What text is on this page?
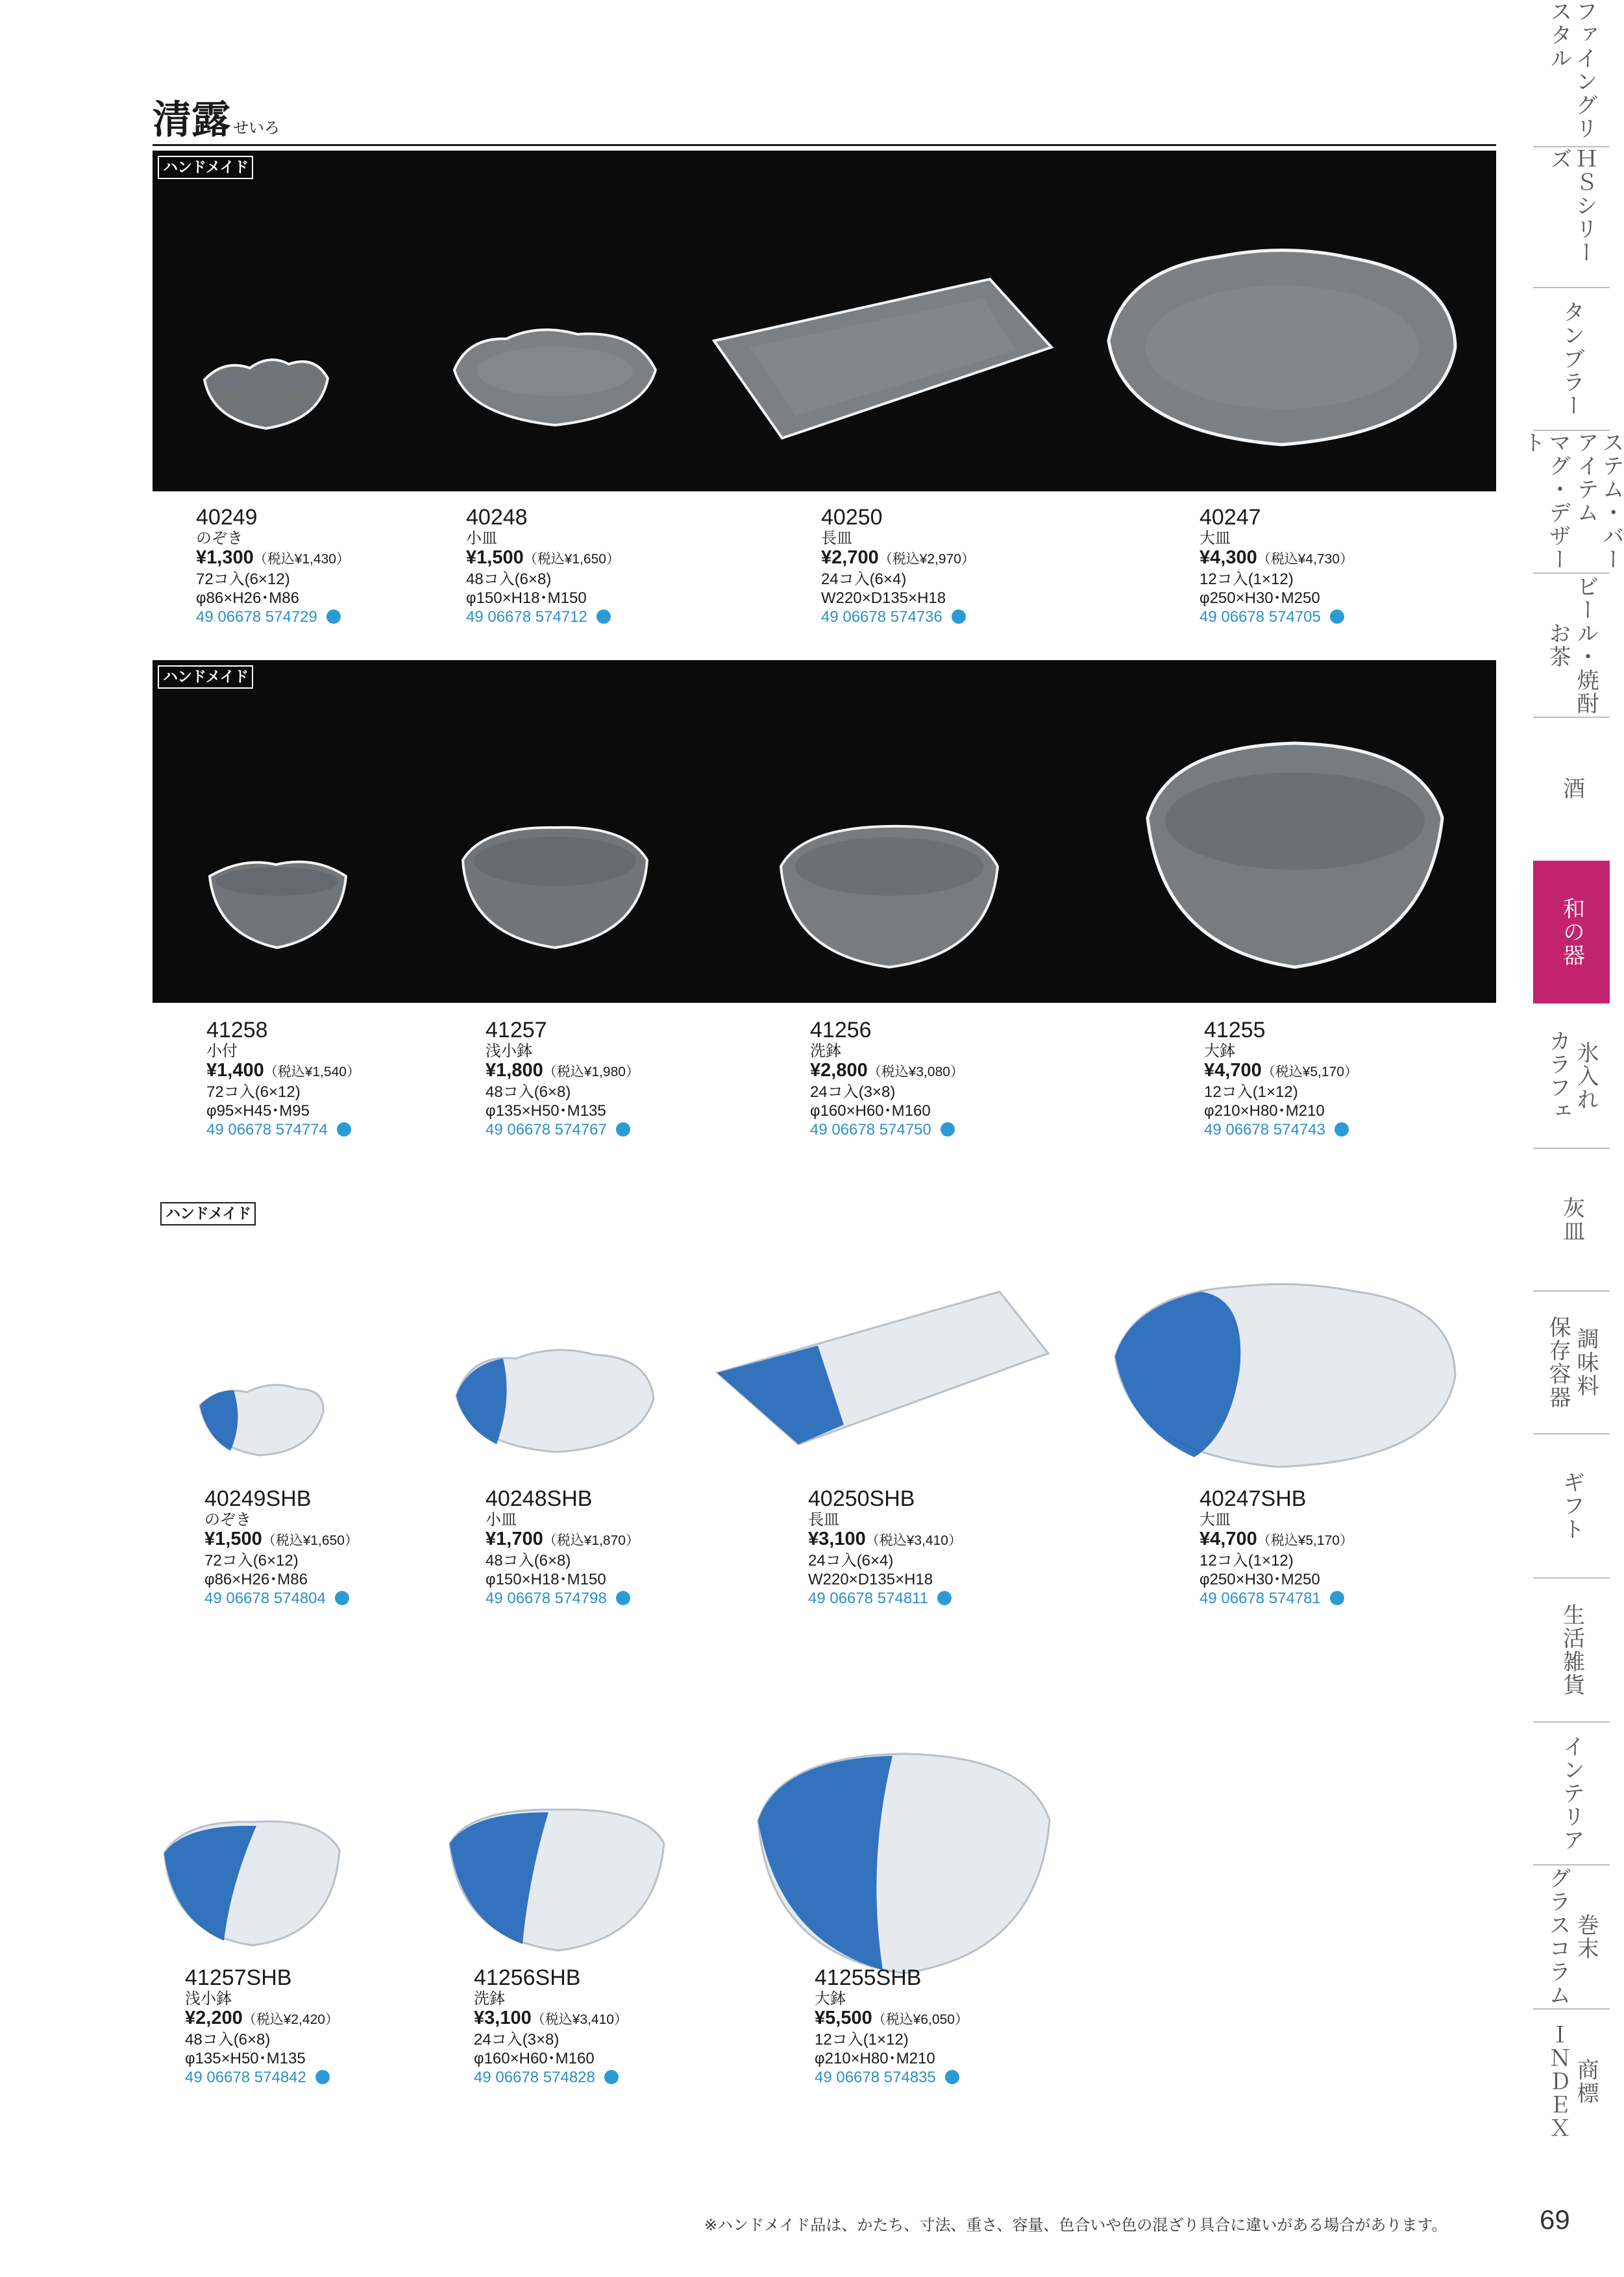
清露 せいろ
ハンドメイド
ハンドメイド
ハンドメイド
40249
のぞき
¥1,300（税込¥1,430）
72コ入(6×12)
φ86×H26･M86
49 06678 574729
40248
小皿
¥1,500（税込¥1,650）
48コ入(6×8)
φ150×H18･M150
49 06678 574712
40250
長皿
¥2,700（税込¥2,970）
24コ入(6×4)
W220×D135×H18
49 06678 574736
40247
大皿
¥4,300（税込¥4,730）
12コ入(1×12)
φ250×H30･M250
49 06678 574705
41258
小付
¥1,400（税込¥1,540）
72コ入(6×12)
φ95×H45･M95
49 06678 574774
41257
浅小鉢
¥1,800（税込¥1,980）
48コ入(6×8)
φ135×H50･M135
49 06678 574767
41256
洗鉢
¥2,800（税込¥3,080）
24コ入(3×8)
φ160×H60･M160
49 06678 574750
41255
大鉢
¥4,700（税込¥5,170）
12コ入(1×12)
φ210×H80･M210
49 06678 574743
40249SHB
のぞき
¥1,500（税込¥1,650）
72コ入(6×12)
φ86×H26･M86
49 06678 574804
40248SHB
小皿
¥1,700（税込¥1,870）
48コ入(6×8)
φ150×H18･M150
49 06678 574798
40250SHB
長皿
¥3,100（税込¥3,410）
24コ入(6×4)
W220×D135×H18
49 06678 574811
40247SHB
大皿
¥4,700（税込¥5,170）
12コ入(1×12)
φ250×H30･M250
49 06678 574781
41257SHB
浅小鉢
¥2,200（税込¥2,420）
48コ入(6×8)
φ135×H50･M135
49 06678 574842
41256SHB
洗鉢
¥3,100（税込¥3,410）
24コ入(3×8)
φ160×H60･M160
49 06678 574828
41255SHB
大鉢
¥5,500（税込¥6,050）
12コ入(1×12)
φ210×H80･M210
49 06678 574835
ファイングリスタル
ＨＳシリーズ
タンブラー
ステム・バーアイテム
マグ・デザート
ビール・焼酎
お茶
酒
和の器
氷入れ
カラフェ
灰皿
調味料
保存容器
ギフト
生活雑貨
インテリア
巻末
グラスコラム
商標
ＩＮＤＥＸ
※ハンドメイド品は、かたち、寸法、重さ、容量、色合いや色の混ざり具合に違いがある場合があります。	69
